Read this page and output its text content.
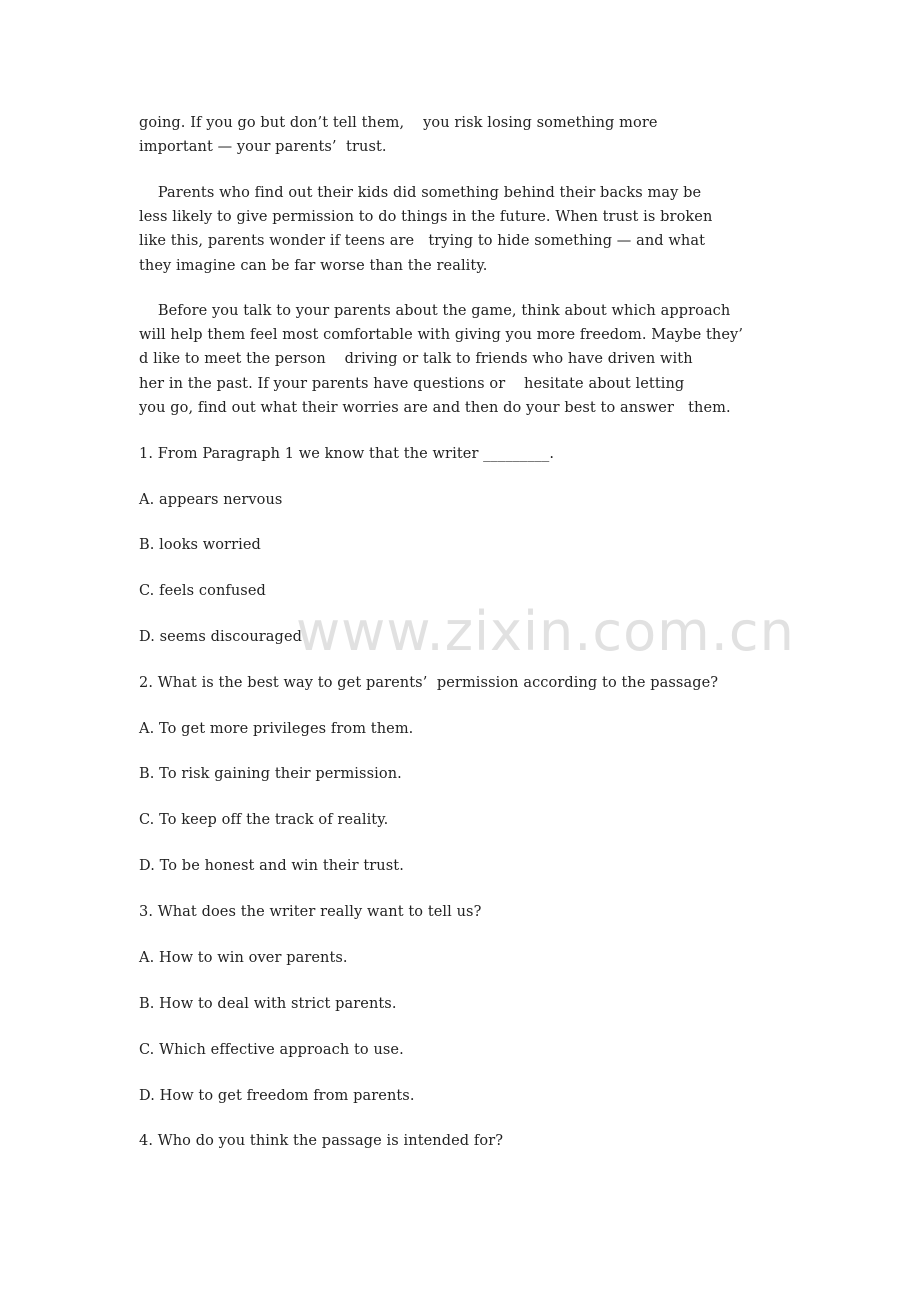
going. If you go but don’t tell them,    you risk losing something more
important — your parents’  trust.
Parents who find out their kids did something behind their backs may be
less likely to give permission to do things in the future. When trust is broken
like this, parents wonder if teens are   trying to hide something — and what
they imagine can be far worse than the reality.
Before you talk to your parents about the game, think about which approach
will help them feel most comfortable with giving you more freedom. Maybe they’
d like to meet the person    driving or talk to friends who have driven with
her in the past. If your parents have questions or    hesitate about letting
you go, find out what their worries are and then do your best to answer   them.
1. From Paragraph 1 we know that the writer _________.
A. appears nervous
B. looks worried
C. feels confused
D. seems discouraged
2. What is the best way to get parents’  permission according to the passage?
A. To get more privileges from them.
B. To risk gaining their permission.
C. To keep off the track of reality.
D. To be honest and win their trust.
3. What does the writer really want to tell us?
A. How to win over parents.
B. How to deal with strict parents.
C. Which effective approach to use.
D. How to get freedom from parents.
4. Who do you think the passage is intended for?
www.zixin.com.cn
